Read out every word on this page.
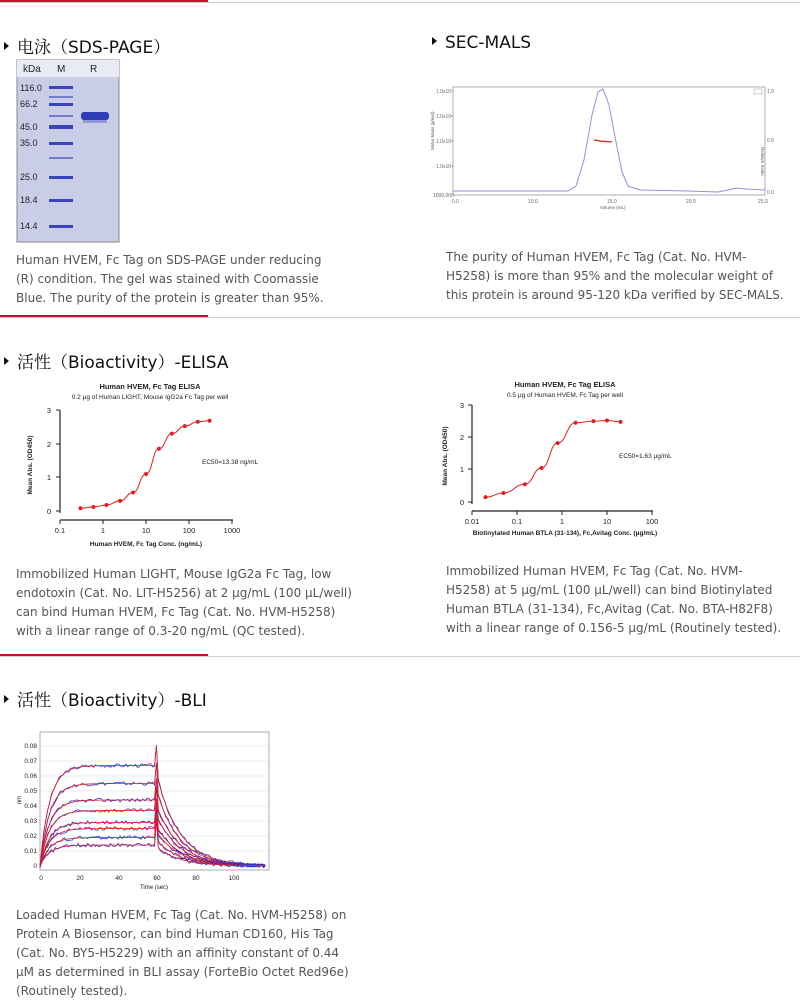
电泳（SDS-PAGE）	SEC-MALS
kDa M R
116.0
66.2
45.0
35.0
25.0
18.4
14.4
Human HVEM, Fc Tag on SDS-PAGE under reducing (R) condition. The gel was stained with Coomassie Blue. The purity of the protein is greater than 95%.
1.0x10⁷
1.0x10⁶
1.0x10⁵
1.0x10⁴
1000.000
1.0
0.5
0.0
0.0	10.0	15.0	20.0	25.0
Volume (mL)
Molar Mass (g/mol)
Relative Scale
The purity of Human HVEM, Fc Tag (Cat. No. HVM-H5258) is more than 95% and the molecular weight of this protein is around 95-120 kDa verified by SEC-MALS.
活性（Bioactivity）-ELISA
Human HVEM, Fc Tag ELISA
0.2 μg of Human LIGHT, Mouse IgG2a Fc Tag per well
0
1
2
3
0.1	1	10	100	1000
Human HVEM, Fc Tag Conc. (ng/mL)
Mean Abs. (OD450)	EC50=13.38 ng/mL
Human HVEM, Fc Tag ELISA
0.5 μg of Human HVEM, Fc Tag per well
0
1
2
3
0.01	0.1	1	10	100
Biotinylated Human BTLA (31-134), Fc,Avitag Conc. (μg/mL)
Mean Abs. (OD450)	EC50=1.63 μg/mL
Immobilized Human LIGHT, Mouse IgG2a Fc Tag, low endotoxin (Cat. No. LIT-H5256) at 2 μg/mL (100 μL/well) can bind Human HVEM, Fc Tag (Cat. No. HVM-H5258) with a linear range of 0.3-20 ng/mL (QC tested).
Immobilized Human HVEM, Fc Tag (Cat. No. HVM-H5258) at 5 μg/mL (100 μL/well) can bind Biotinylated Human BTLA (31-134), Fc,Avitag (Cat. No. BTA-H82F8) with a linear range of 0.156-5 μg/mL (Routinely tested).
活性（Bioactivity）-BLI
0
0.01
0.02
0.03
0.04
0.05
0.06
0.07
0.08
0	20	40	60	80	100
Time (sec)
nm
Loaded Human HVEM, Fc Tag (Cat. No. HVM-H5258) on Protein A Biosensor, can bind Human CD160, His Tag (Cat. No. BY5-H5229) with an affinity constant of 0.44 μM as determined in BLI assay (ForteBio Octet Red96e) (Routinely tested).
